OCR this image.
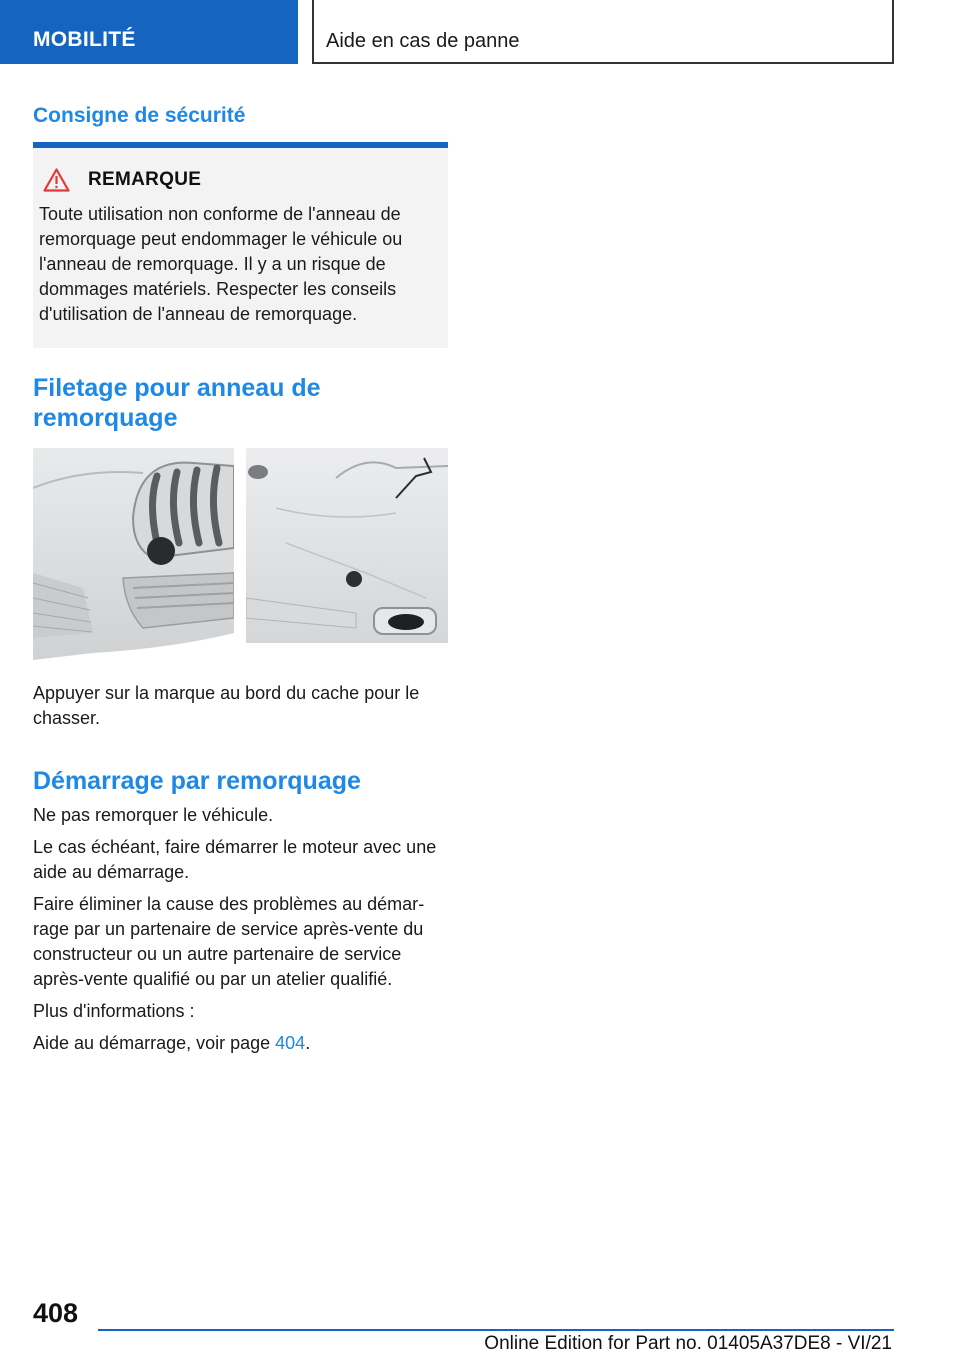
MOBILITÉ	Aide en cas de panne
Consigne de sécurité
REMARQUE
Toute utilisation non conforme de l'anneau de remorquage peut endommager le véhicule ou l'anneau de remorquage. Il y a un risque de dommages matériels. Respecter les conseils d'utilisation de l'anneau de remorquage.
Filetage pour anneau de remorquage
Appuyer sur la marque au bord du cache pour le chasser.
Démarrage par remorquage

Ne pas remorquer le véhicule.

Le cas échéant, faire démarrer le moteur avec une aide au démarrage.

Faire éliminer la cause des problèmes au démarrage par un partenaire de service après-vente du constructeur ou un autre partenaire de service après-vente qualifié ou par un atelier qualifié.

Plus d'informations :

Aide au démarrage, voir page 404.

408
Online Edition for Part no. 01405A37DE8 - VI/21
